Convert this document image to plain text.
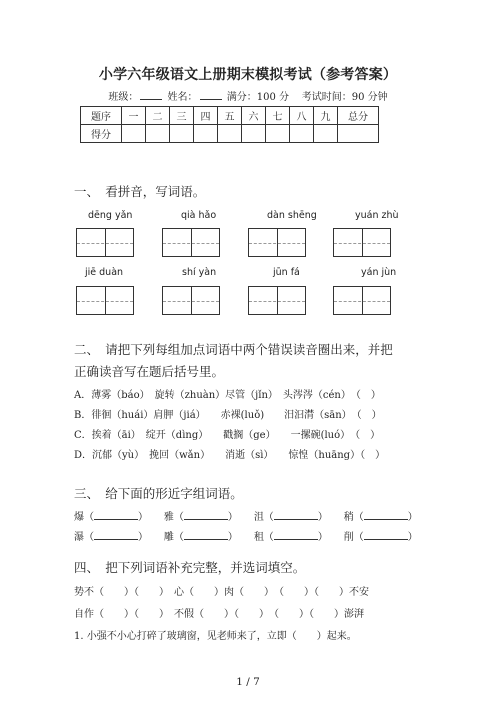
小学六年级语文上册期末模拟考试（参考答案）
班级：	姓名：	满分：100 分 考试时间：90 分钟
题序	一	二	三	四	五	六	七	八	九	总分
得分										
一、　看拼音，写词语。
dēng yǎn	qià hǎo	dàn shēng	yuán zhù
jiē duàn	shí yàn	jūn fá	yán jùn
二、　请把下列每组加点词语中两个错误读音圈出来，并把
正确读音写在题后括号里。
A．薄雾（báo）　旋转（zhuàn）尽管（jǐn）　头涔涔（cén）　（　）
B．徘徊（huái）肩胛（jiá）　　赤裸(luǒ)　　汨汩潸（sān）　（　）
C．挨着（āi）　绽开（dìng）　　戳搁（ge）　　一摞碗(luó）　（　）
D．沉郁（yù）　挽回（wǎn）　　消逝（sì）　　惊惶（huāng）（　）
三、　给下面的形近字组词语。
爆（	） 雅（	） 沮（	） 稍（	）
瀑（	） 雕（	） 租（	） 削（	）
四、　把下列词语补充完整，并选词填空。
势不（　　）（　　）　心（　　）肉（　　）　（　　）（　　）不安
自作（　　）（　　）　不假（　　）（　　）　（　　）（　　）澎湃
1. 小强不小心打碎了玻璃窗，见老师来了，立即（　　）起来。
1 / 7
